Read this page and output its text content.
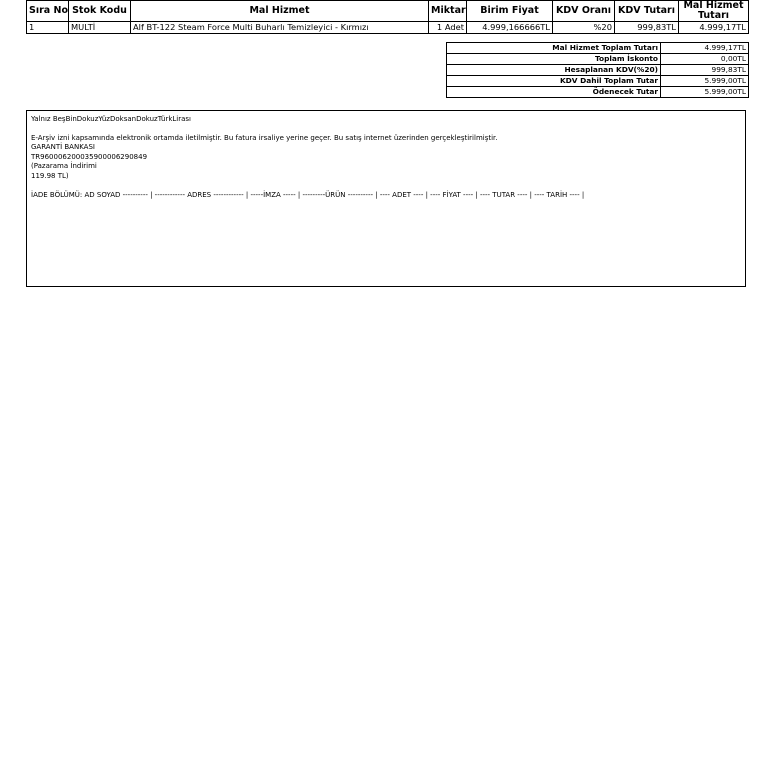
Sıra No	Stok Kodu	Mal Hizmet	Miktar	Birim Fiyat	KDV Oranı	KDV Tutarı	Mal Hizmet Tutarı
1	MULTİ	Alf BT-122 Steam Force Multi Buharlı Temizleyici - Kırmızı	1 Adet	4.999,166666TL	%20	999,83TL	4.999,17TL
Mal Hizmet Toplam Tutarı	4.999,17TL
Toplam İskonto	0,00TL
Hesaplanan KDV(%20)	999,83TL
KDV Dahil Toplam Tutar	5.999,00TL
Ödenecek Tutar	5.999,00TL
Yalnız BeşBinDokuzYüzDoksanDokuzTürkLirası
E-Arşiv izni kapsamında elektronik ortamda iletilmiştir. Bu fatura irsaliye yerine geçer. Bu satış internet üzerinden gerçekleştirilmiştir.
GARANTİ BANKASI
TR960006200035900006290849
(Pazarama İndirimi
119.98 TL)
İADE BÖLÜMÜ: AD SOYAD ---------- | ------------ ADRES ------------ | -----İMZA ----- | ---------ÜRÜN ---------- | ---- ADET ---- | ---- FİYAT ---- | ---- TUTAR ---- | ---- TARİH ---- |
